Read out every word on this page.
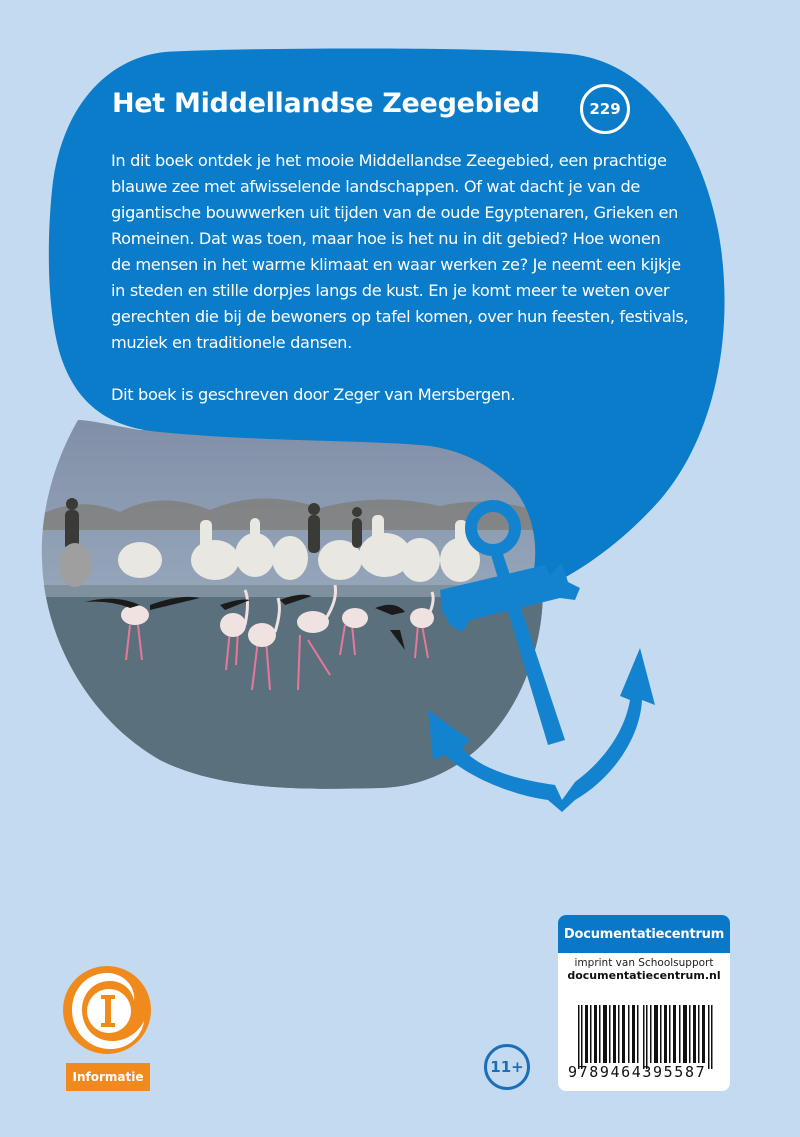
Het Middellandse Zeegebied	229

In dit boek ontdek je het mooie Middellandse Zeegebied, een prachtige

blauwe zee met afwisselende landschappen. Of wat dacht je van de

gigantische bouwwerken uit tijden van de oude Egyptenaren, Grieken en

Romeinen. Dat was toen, maar hoe is het nu in dit gebied? Hoe wonen

de mensen in het warme klimaat en waar werken ze? Je neemt een kijkje

in steden en stille dorpjes langs de kust. En je komt meer te weten over

gerechten die bij de bewoners op tafel komen, over hun feesten, festivals,

muziek en traditionele dansen.

Dit boek is geschreven door Zeger van Mersbergen.

Informatie
11+
Documentatiecentrum
imprint van Schoolsupport
documentatiecentrum.nl
9789464395587
